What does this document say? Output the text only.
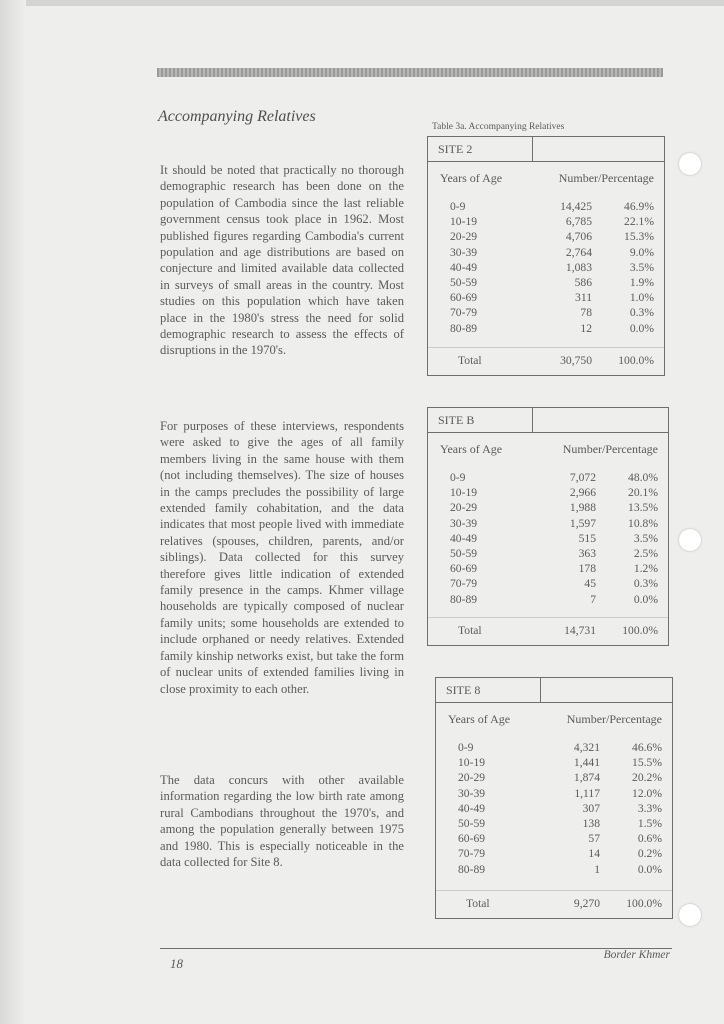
Accompanying Relatives

It should be noted that practically no thorough demographic research has been done on the population of Cambodia since the last reliable government census took place in 1962. Most published figures regarding Cambodia's current population and age distributions are based on conjecture and limited available data collected in surveys of small areas in the country. Most studies on this population which have taken place in the 1980's stress the need for solid demographic research to assess the effects of disruptions in the 1970's.

For purposes of these interviews, respondents were asked to give the ages of all family members living in the same house with them (not including themselves). The size of houses in the camps precludes the possibility of large extended family cohabitation, and the data indicates that most people lived with immediate relatives (spouses, children, parents, and/or siblings). Data collected for this survey therefore gives little indication of extended family presence in the camps. Khmer village households are typically composed of nuclear family units; some households are extended to include orphaned or needy relatives. Extended family kinship networks exist, but take the form of nuclear units of extended families living in close proximity to each other.

The data concurs with other available information regarding the low birth rate among rural Cambodians throughout the 1970's, and among the population generally between 1975 and 1980. This is especially noticeable in the data collected for Site 8.

Table 3a. Accompanying Relatives
SITE 2
Years of Age	Number/Percentage
0-9	14,425	46.9%
10-19	6,785	22.1%
20-29	4,706	15.3%
30-39	2,764	9.0%
40-49	1,083	3.5%
50-59	586	1.9%
60-69	311	1.0%
70-79	78	0.3%
80-89	12	0.0%
Total	30,750 100.0%
SITE B
Years of Age	Number/Percentage
0-9	7,072	48.0%
10-19	2,966	20.1%
20-29	1,988	13.5%
30-39	1,597	10.8%
40-49	515	3.5%
50-59	363	2.5%
60-69	178	1.2%
70-79	45	0.3%
80-89	7	0.0%
Total	14,731 100.0%
SITE 8
Years of Age	Number/Percentage
0-9	4,321	46.6%
10-19	1,441	15.5%
20-29	1,874	20.2%
30-39	1,117	12.0%
40-49	307	3.3%
50-59	138	1.5%
60-69	57	0.6%
70-79	14	0.2%
80-89	1	0.0%
Total	9,270 100.0%
18
Border Khmer
